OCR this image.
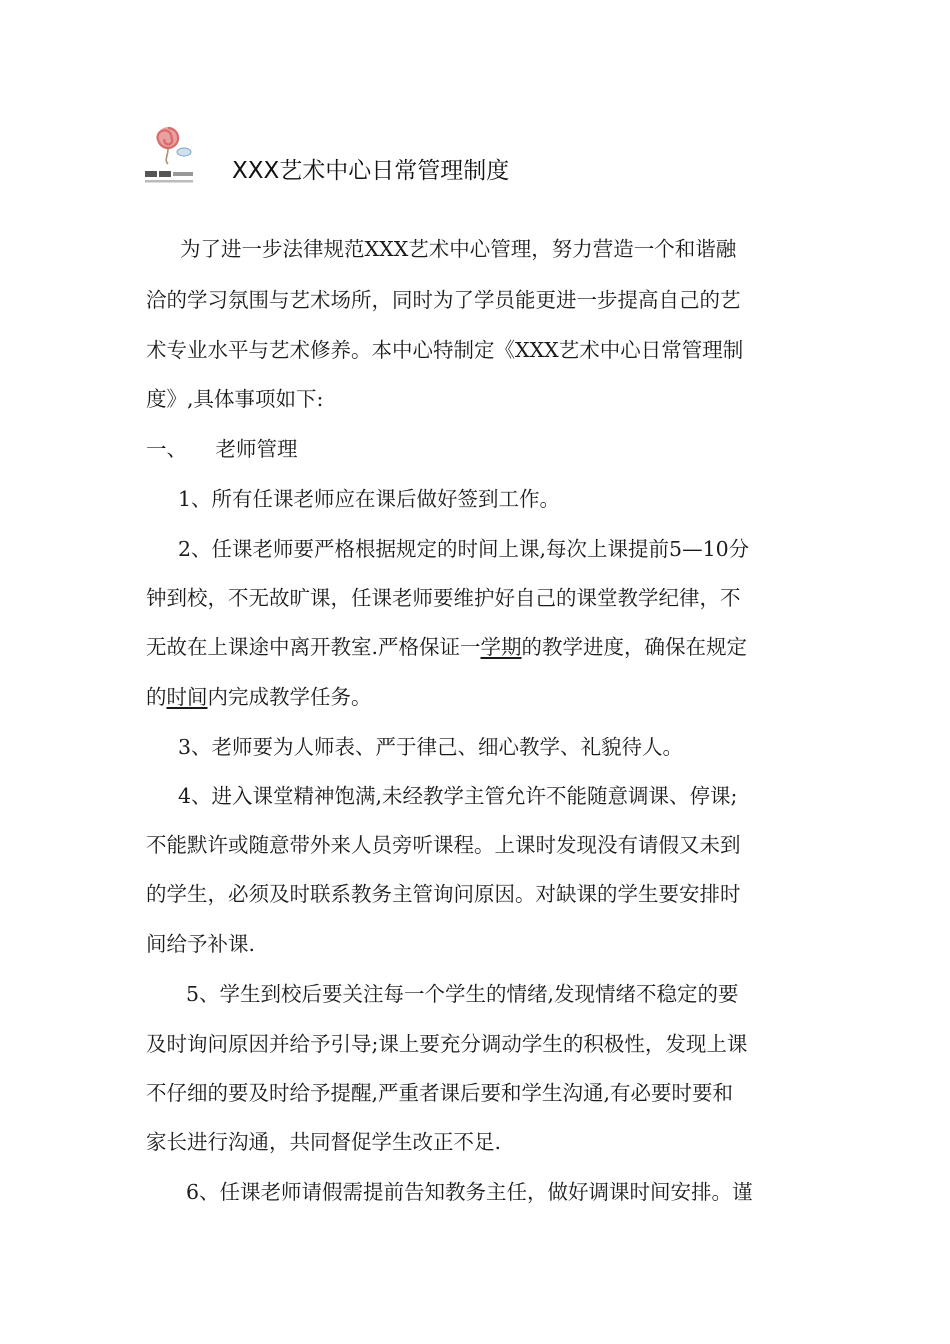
XXX艺术中心日常管理制度
为了进一步法律规范XXX艺术中心管理，努力营造一个和谐融
洽的学习氛围与艺术场所，同时为了学员能更进一步提高自己的艺
术专业水平与艺术修养。本中心特制定《XXX艺术中心日常管理制
度》,具体事项如下:
一、 老师管理
1、所有任课老师应在课后做好签到工作。
2、任课老师要严格根据规定的时间上课,每次上课提前5—10分
钟到校，不无故旷课，任课老师要维护好自己的课堂教学纪律，不
无故在上课途中离开教室.严格保证一学期的教学进度，确保在规定
的时间内完成教学任务。
3、老师要为人师表、严于律己、细心教学、礼貌待人。
4、进入课堂精神饱满,未经教学主管允许不能随意调课、停课;
不能默许或随意带外来人员旁听课程。上课时发现没有请假又未到
的学生，必须及时联系教务主管询问原因。对缺课的学生要安排时
间给予补课.
5、学生到校后要关注每一个学生的情绪,发现情绪不稳定的要
及时询问原因并给予引导;课上要充分调动学生的积极性，发现上课
不仔细的要及时给予提醒,严重者课后要和学生沟通,有必要时要和
家长进行沟通，共同督促学生改正不足.
6、任课老师请假需提前告知教务主任，做好调课时间安排。谨
